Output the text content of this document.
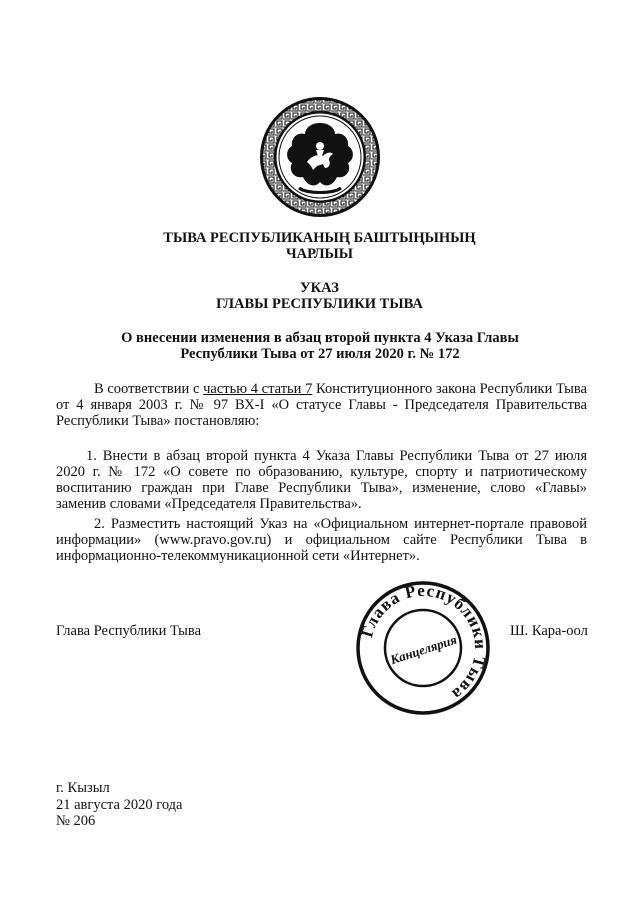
ТЫВА РЕСПУБЛИКАНЫҢ БАШТЫҢЫНЫҢ
ЧАРЛЫЫ
УКАЗ
ГЛАВЫ РЕСПУБЛИКИ ТЫВА
О внесении изменения в абзац второй пункта 4 Указа Главы
Республики Тыва от 27 июля 2020 г. № 172
В соответствии с частью 4 статьи 7 Конституционного закона Республики Тыва от 4 января 2003 г. № 97 ВХ-I «О статусе Главы - Председателя Правительства Республики Тыва» постановляю:
1. Внести в абзац второй пункта 4 Указа Главы Республики Тыва от 27 июля 2020 г. № 172 «О совете по образованию, культуре, спорту и патриотическому воспитанию граждан при Главе Республики Тыва», изменение, слово «Главы» заменив словами «Председателя Правительства».
2. Разместить настоящий Указ на «Официальном интернет-портале правовой информации» (www.pravo.gov.ru) и официальном сайте Республики Тыва в информационно-телекоммуникационной сети «Интернет».
Глава Республики Тыва	Глава Республики Тыва
Канцелярия
Ш. Кара-оол
г. Кызыл
21 августа 2020 года
№ 206
